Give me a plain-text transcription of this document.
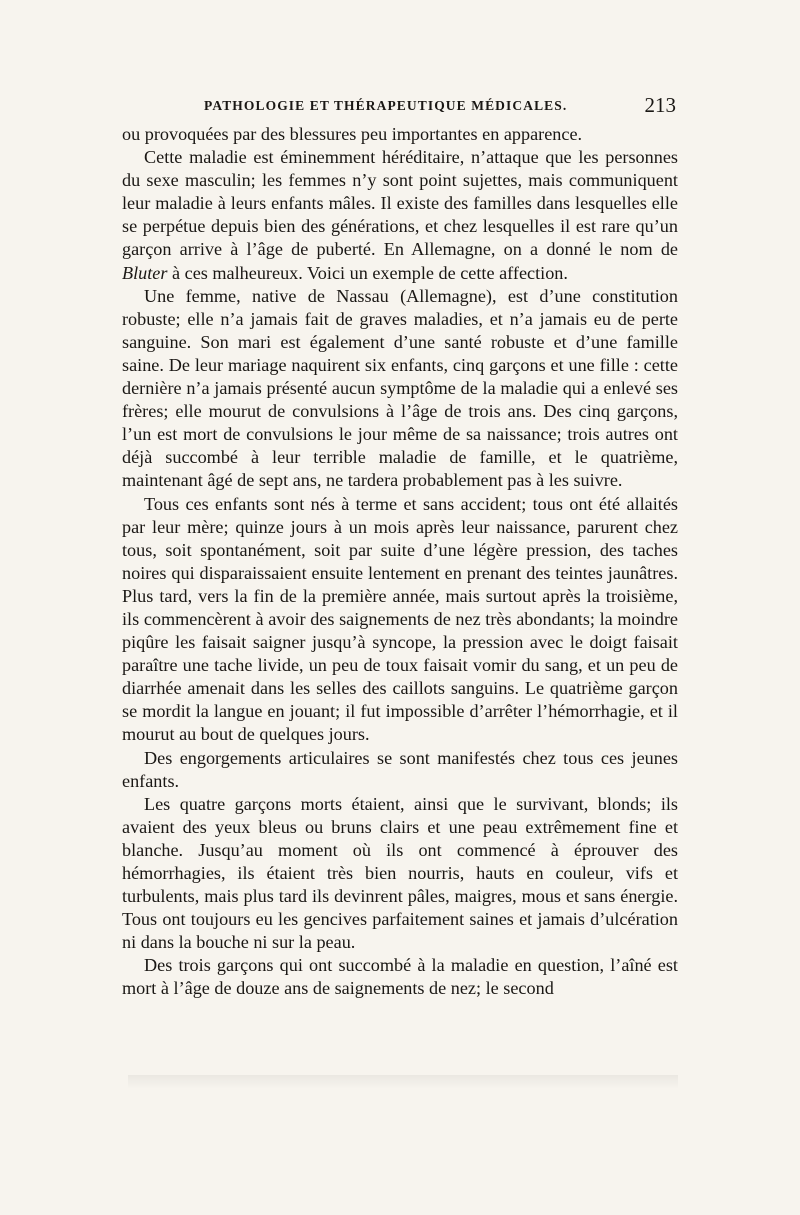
PATHOLOGIE ET THÉRAPEUTIQUE MÉDICALES.	213

ou provoquées par des blessures peu importantes en apparence.

Cette maladie est éminemment héréditaire, n’attaque que les personnes du sexe masculin; les femmes n’y sont point sujettes, mais communiquent leur maladie à leurs enfants mâles. Il existe des familles dans lesquelles elle se perpétue depuis bien des générations, et chez lesquelles il est rare qu’un garçon arrive à l’âge de puberté. En Allemagne, on a donné le nom de Bluter à ces malheureux. Voici un exemple de cette affection.

Une femme, native de Nassau (Allemagne), est d’une constitution robuste; elle n’a jamais fait de graves maladies, et n’a jamais eu de perte sanguine. Son mari est également d’une santé robuste et d’une famille saine. De leur mariage naquirent six enfants, cinq garçons et une fille : cette dernière n’a jamais présenté aucun symptôme de la maladie qui a enlevé ses frères; elle mourut de convulsions à l’âge de trois ans. Des cinq garçons, l’un est mort de convulsions le jour même de sa naissance; trois autres ont déjà succombé à leur terrible maladie de famille, et le quatrième, maintenant âgé de sept ans, ne tardera probablement pas à les suivre.

Tous ces enfants sont nés à terme et sans accident; tous ont été allaités par leur mère; quinze jours à un mois après leur naissance, parurent chez tous, soit spontanément, soit par suite d’une légère pression, des taches noires qui disparaissaient ensuite lentement en prenant des teintes jaunâtres. Plus tard, vers la fin de la première année, mais surtout après la troisième, ils commencèrent à avoir des saignements de nez très abondants; la moindre piqûre les faisait saigner jusqu’à syncope, la pression avec le doigt faisait paraître une tache livide, un peu de toux faisait vomir du sang, et un peu de diarrhée amenait dans les selles des caillots sanguins. Le quatrième garçon se mordit la langue en jouant; il fut impossible d’arrêter l’hémorrhagie, et il mourut au bout de quelques jours.

Des engorgements articulaires se sont manifestés chez tous ces jeunes enfants.

Les quatre garçons morts étaient, ainsi que le survivant, blonds; ils avaient des yeux bleus ou bruns clairs et une peau extrêmement fine et blanche. Jusqu’au moment où ils ont commencé à éprouver des hémorrhagies, ils étaient très bien nourris, hauts en couleur, vifs et turbulents, mais plus tard ils devinrent pâles, maigres, mous et sans énergie. Tous ont toujours eu les gencives parfaitement saines et jamais d’ulcération ni dans la bouche ni sur la peau.

Des trois garçons qui ont succombé à la maladie en question, l’aîné est mort à l’âge de douze ans de saignements de nez; le second
